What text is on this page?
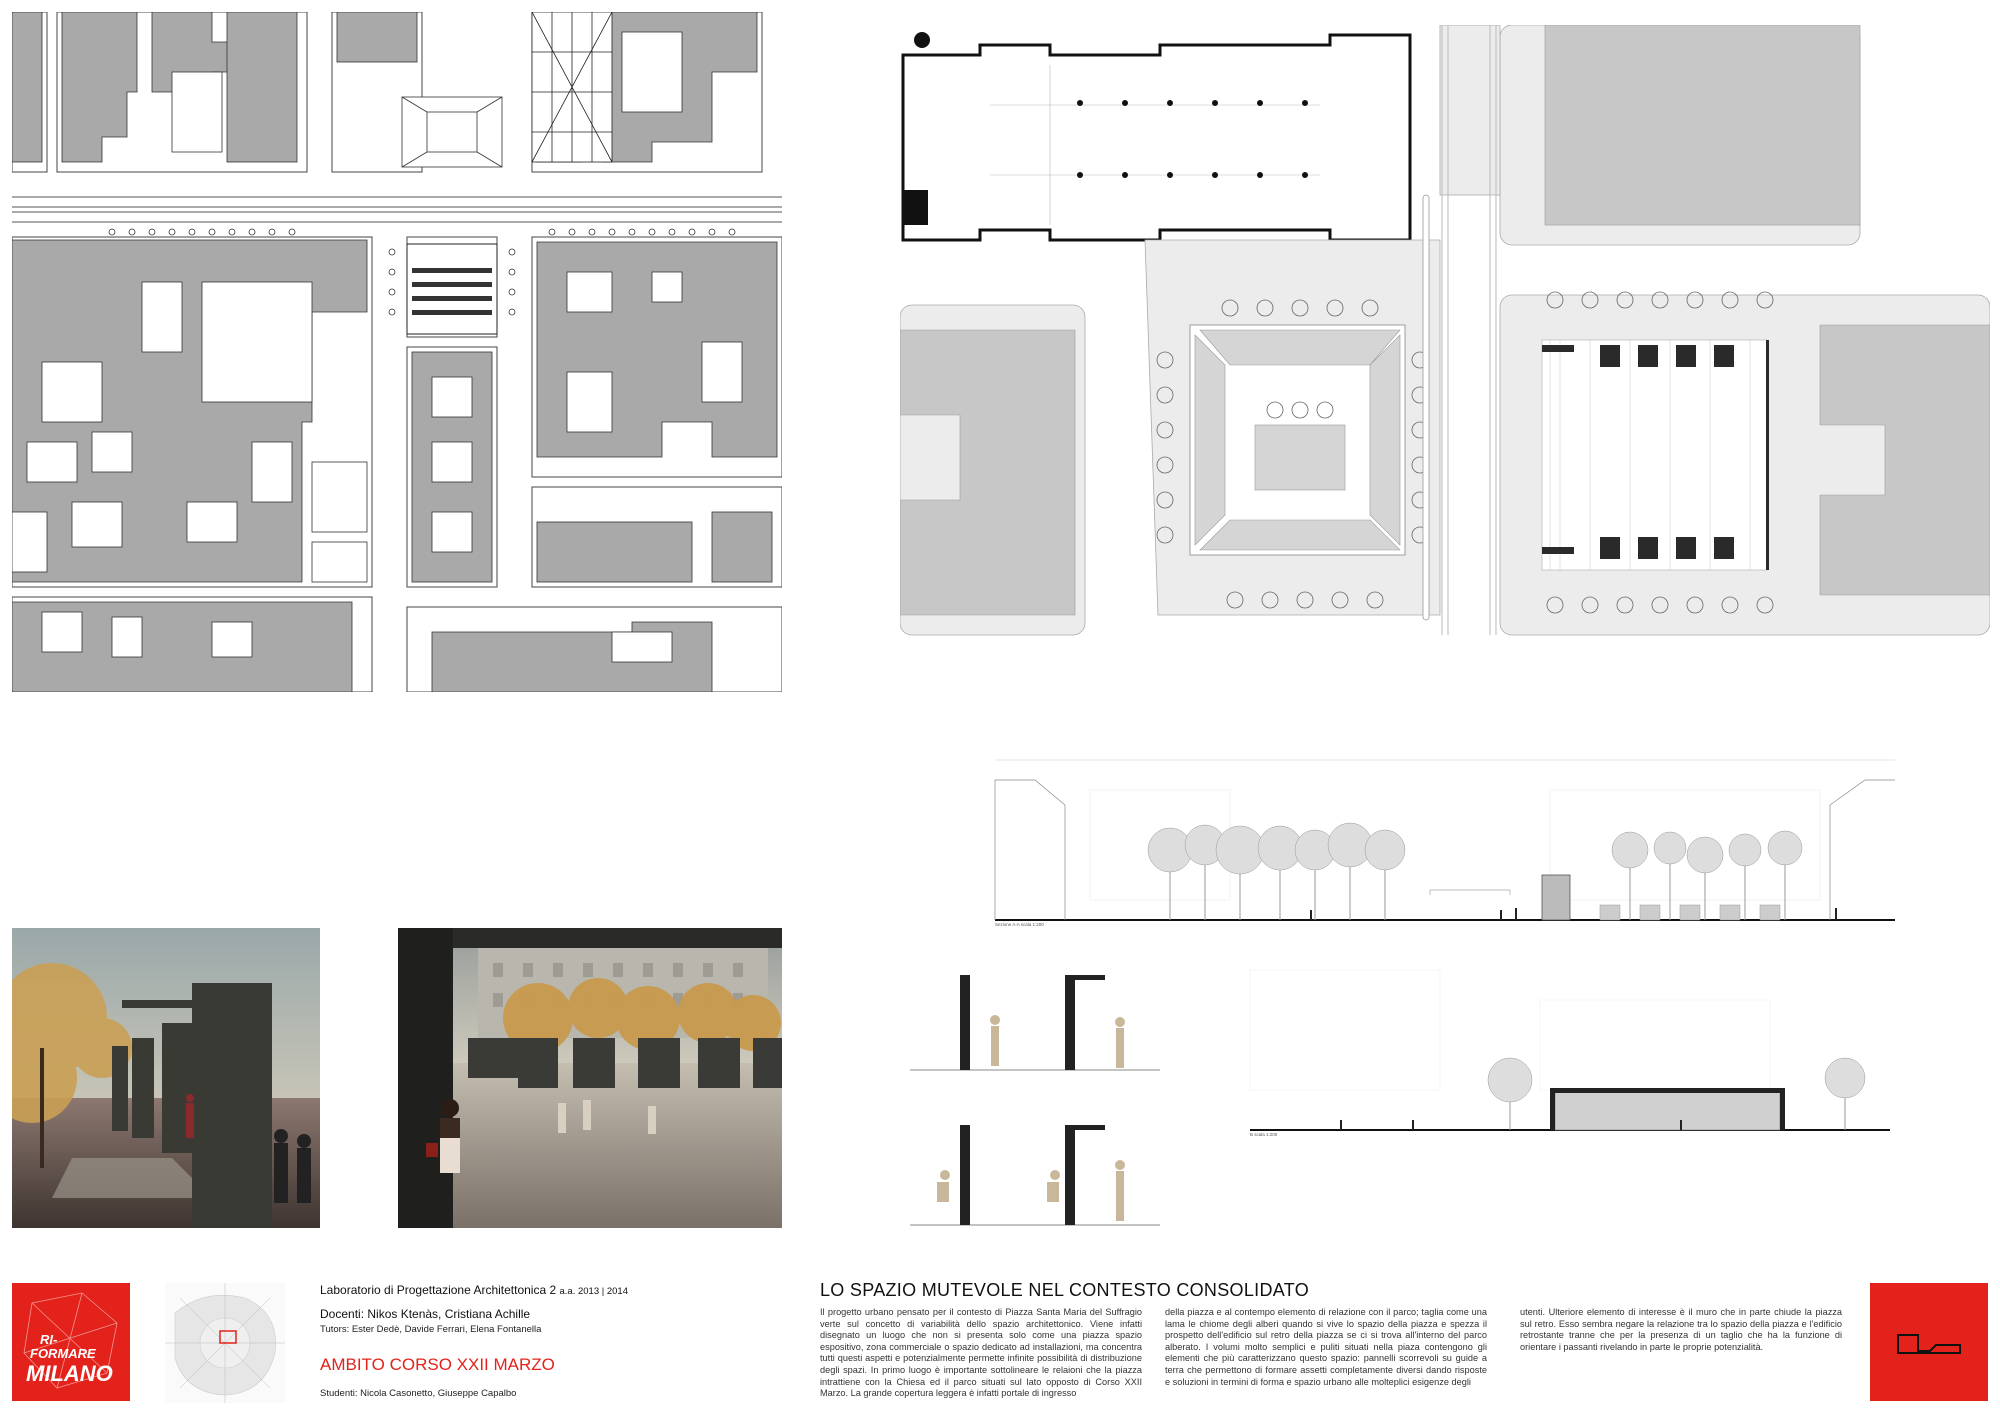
Sezione A-A scala 1:200
B scala 1:200
RI-
FORMARE
MILANO
Laboratorio di Progettazione Architettonica 2 a.a. 2013 | 2014
Docenti: Nikos Ktenàs, Cristiana Achille
Tutors: Ester Dedè, Davide Ferrari, Elena Fontanella
AMBITO CORSO XXII MARZO
Studenti: Nicola Casonetto, Giuseppe Capalbo
LO SPAZIO MUTEVOLE NEL CONTESTO CONSOLIDATO
Il progetto urbano pensato per il contesto di Piazza Santa Maria del Suffragio verte sul concetto di variabilità dello spazio architettonico. Viene infatti disegnato un luogo che non si presenta solo come una piazza spazio espositivo, zona commerciale o spazio dedicato ad installazioni, ma concentra tutti questi aspetti e potenzialmente permette infinite possibilità di distribuzione degli spazi. In primo luogo è importante sottolineare le relaioni che la piazza intrattiene con la Chiesa ed il parco situati sul lato opposto di Corso XXII Marzo. La grande copertura leggera è infatti portale di ingresso
della piazza e al contempo elemento di relazione con il parco; taglia come una lama le chiome degli alberi quando si vive lo spazio della piazza e spezza il prospetto dell'edificio sul retro della piazza se ci si trova all'interno del parco alberato. I volumi molto semplici e puliti situati nella piaza contengono gli elementi che più caratterizzano questo spazio: pannelli scorrevoli su guide a terra che permettono di formare assetti completamente diversi dando risposte e soluzioni in termini di forma e spazio urbano alle molteplici esigenze degli
utenti. Ulteriore elemento di interesse è il muro che in parte chiude la piazza sul retro. Esso sembra negare la relazione tra lo spazio della piazza e l'edificio retrostante tranne che per la presenza di un taglio che ha la funzione di orientare i passanti rivelando in parte le proprie potenzialità.
